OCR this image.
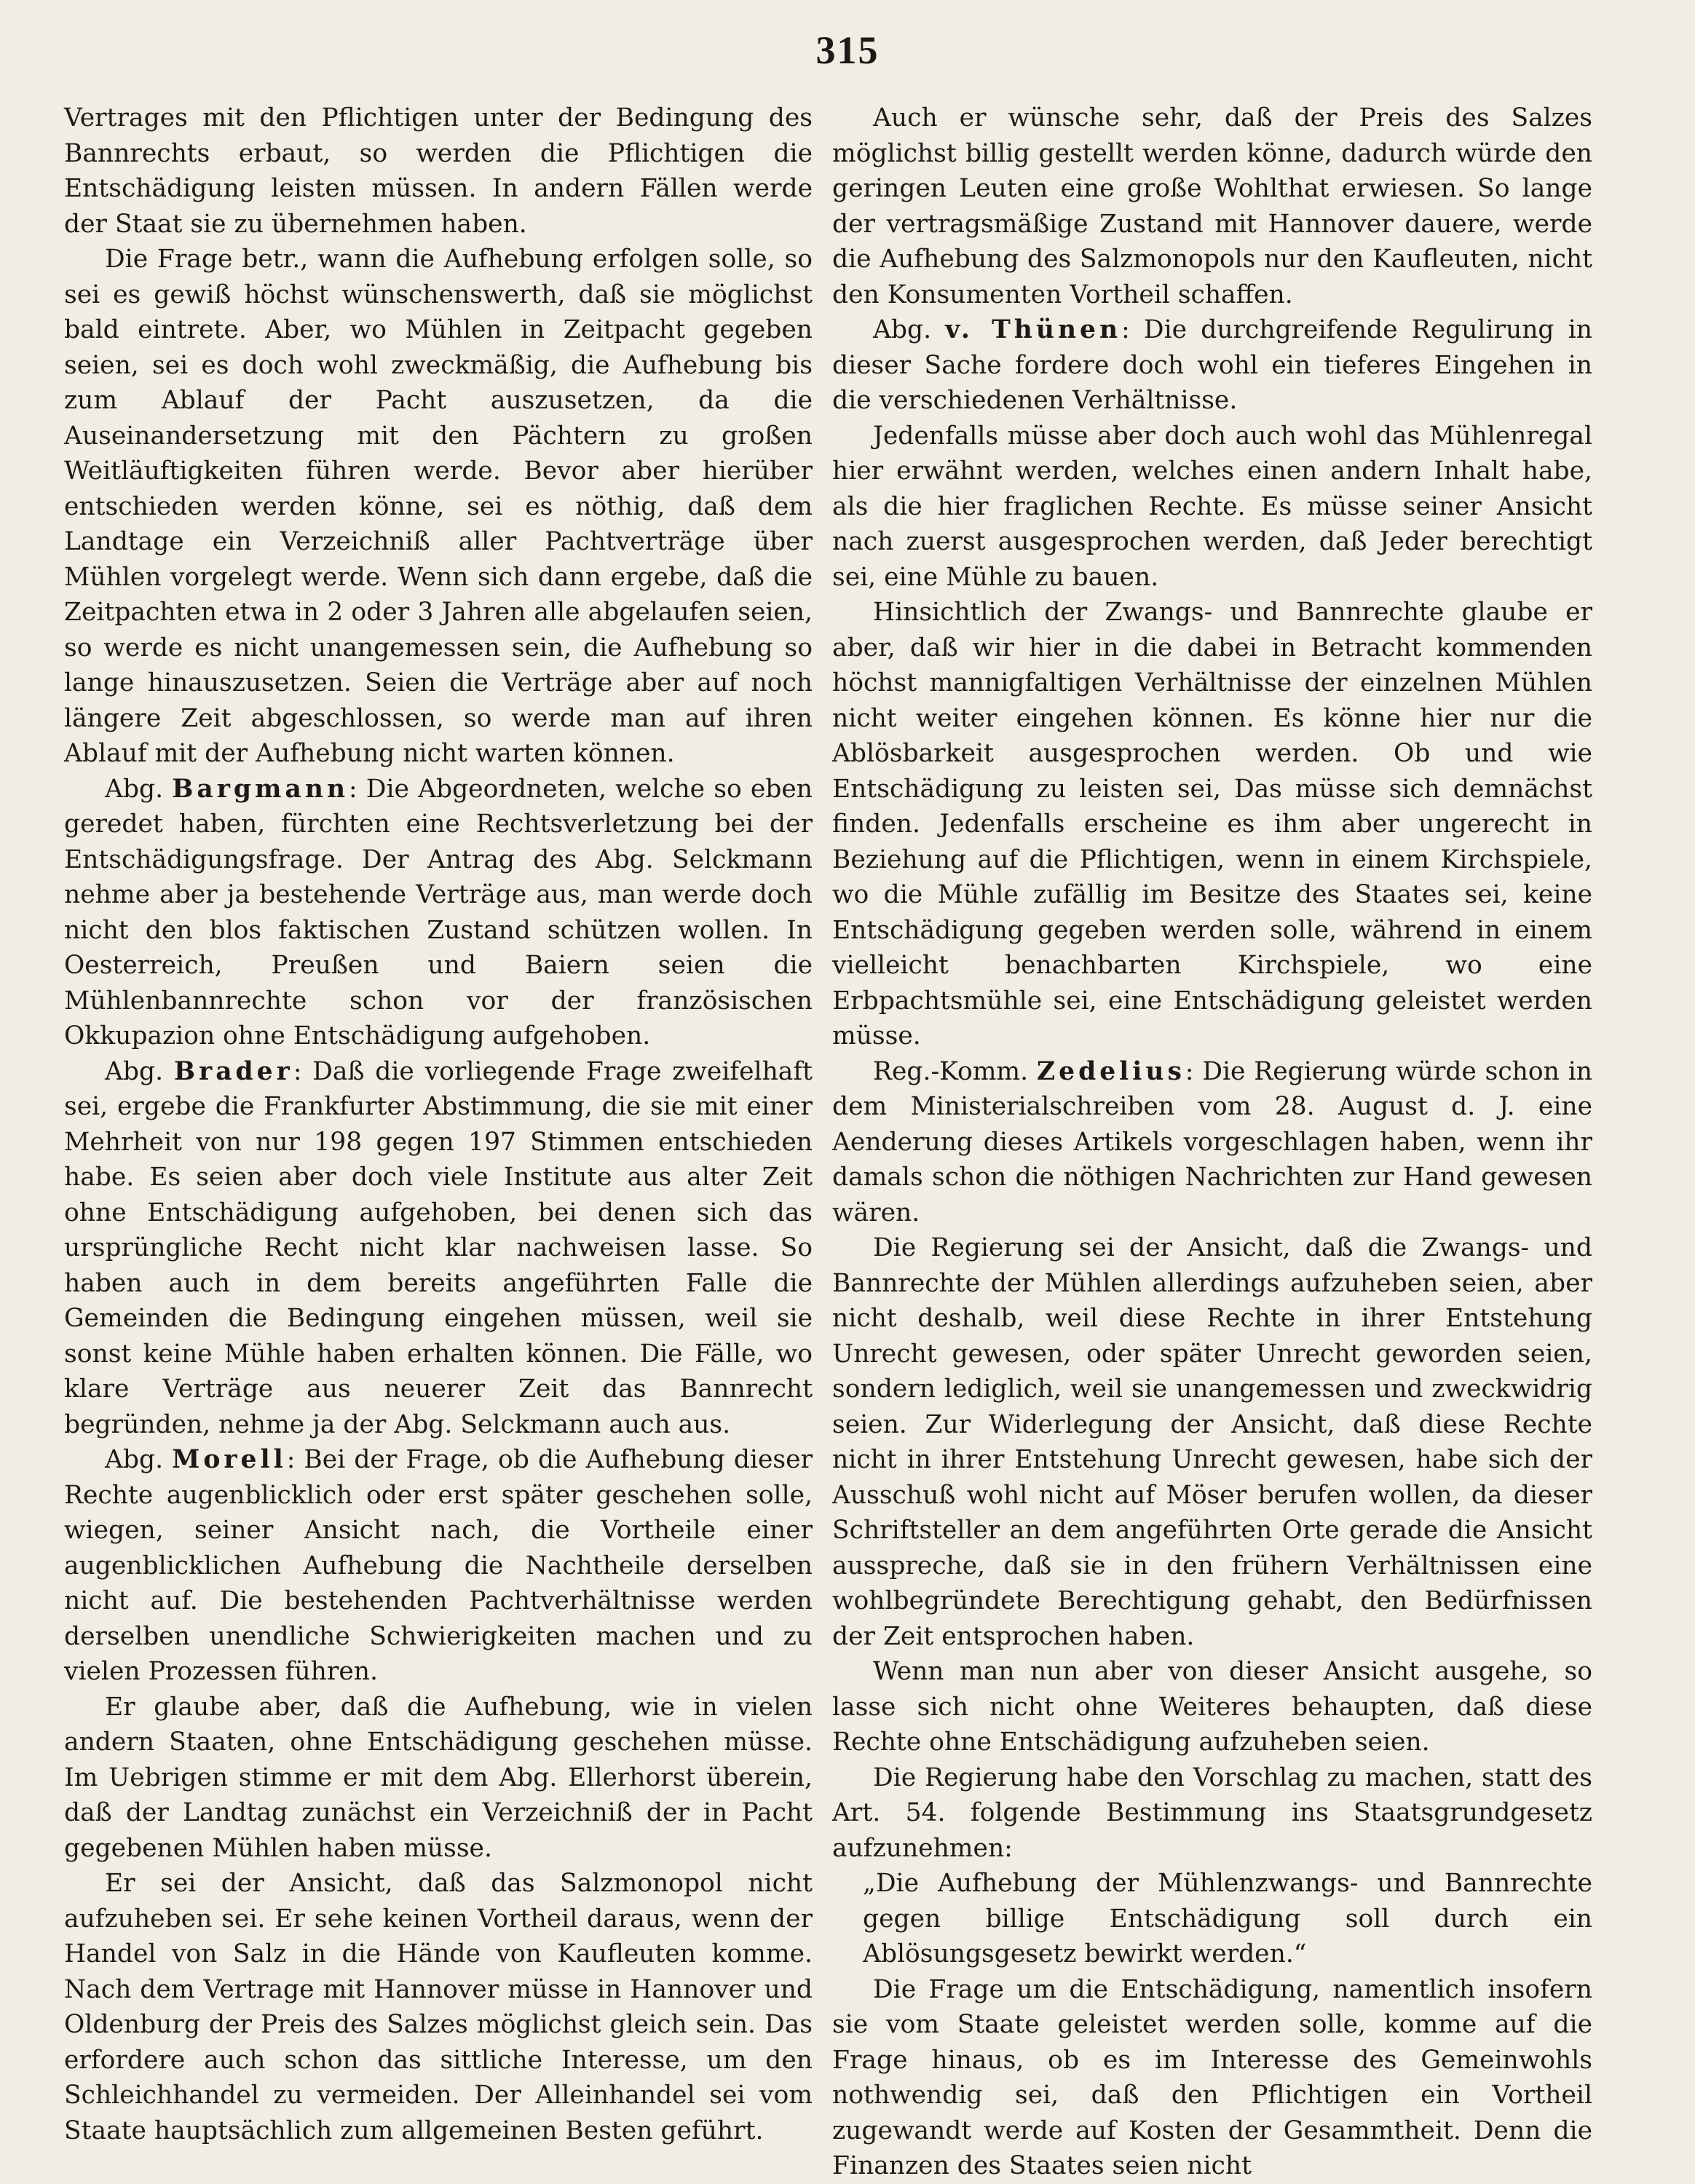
315

Vertrages mit den Pflichtigen unter der Bedingung des Bannrechts erbaut, so werden die Pflichtigen die Entschädigung leisten müssen. In andern Fällen werde der Staat sie zu übernehmen haben.

Die Frage betr., wann die Aufhebung erfolgen solle, so sei es gewiß höchst wünschenswerth, daß sie möglichst bald eintrete. Aber, wo Mühlen in Zeitpacht gegeben seien, sei es doch wohl zweckmäßig, die Aufhebung bis zum Ablauf der Pacht auszusetzen, da die Auseinandersetzung mit den Pächtern zu großen Weitläuftigkeiten führen werde. Bevor aber hierüber entschieden werden könne, sei es nöthig, daß dem Landtage ein Verzeichniß aller Pachtverträge über Mühlen vorgelegt werde. Wenn sich dann ergebe, daß die Zeitpachten etwa in 2 oder 3 Jahren alle abgelaufen seien, so werde es nicht unangemessen sein, die Aufhebung so lange hinauszusetzen. Seien die Verträge aber auf noch längere Zeit abgeschlossen, so werde man auf ihren Ablauf mit der Aufhebung nicht warten können.

Abg. Bargmann: Die Abgeordneten, welche so eben geredet haben, fürchten eine Rechtsverletzung bei der Entschädigungsfrage. Der Antrag des Abg. Selckmann nehme aber ja bestehende Verträge aus, man werde doch nicht den blos faktischen Zustand schützen wollen. In Oesterreich, Preußen und Baiern seien die Mühlenbannrechte schon vor der französischen Okkupazion ohne Entschädigung aufgehoben.

Abg. Brader: Daß die vorliegende Frage zweifelhaft sei, ergebe die Frankfurter Abstimmung, die sie mit einer Mehrheit von nur 198 gegen 197 Stimmen entschieden habe. Es seien aber doch viele Institute aus alter Zeit ohne Entschädigung aufgehoben, bei denen sich das ursprüngliche Recht nicht klar nachweisen lasse. So haben auch in dem bereits angeführten Falle die Gemeinden die Bedingung eingehen müssen, weil sie sonst keine Mühle haben erhalten können. Die Fälle, wo klare Verträge aus neuerer Zeit das Bannrecht begründen, nehme ja der Abg. Selckmann auch aus.

Abg. Morell: Bei der Frage, ob die Aufhebung dieser Rechte augenblicklich oder erst später geschehen solle, wiegen, seiner Ansicht nach, die Vortheile einer augenblicklichen Aufhebung die Nachtheile derselben nicht auf. Die bestehenden Pachtverhältnisse werden derselben unendliche Schwierigkeiten machen und zu vielen Prozessen führen.

Er glaube aber, daß die Aufhebung, wie in vielen andern Staaten, ohne Entschädigung geschehen müsse. Im Uebrigen stimme er mit dem Abg. Ellerhorst überein, daß der Landtag zunächst ein Verzeichniß der in Pacht gegebenen Mühlen haben müsse.

Er sei der Ansicht, daß das Salzmonopol nicht aufzuheben sei. Er sehe keinen Vortheil daraus, wenn der Handel von Salz in die Hände von Kaufleuten komme. Nach dem Vertrage mit Hannover müsse in Hannover und Oldenburg der Preis des Salzes möglichst gleich sein. Das erfordere auch schon das sittliche Interesse, um den Schleichhandel zu vermeiden. Der Alleinhandel sei vom Staate hauptsächlich zum allgemeinen Besten geführt.

Auch er wünsche sehr, daß der Preis des Salzes möglichst billig gestellt werden könne, dadurch würde den geringen Leuten eine große Wohlthat erwiesen. So lange der vertragsmäßige Zustand mit Hannover dauere, werde die Aufhebung des Salzmonopols nur den Kaufleuten, nicht den Konsumenten Vortheil schaffen.

Abg. v. Thünen: Die durchgreifende Regulirung in dieser Sache fordere doch wohl ein tieferes Eingehen in die verschiedenen Verhältnisse.

Jedenfalls müsse aber doch auch wohl das Mühlenregal hier erwähnt werden, welches einen andern Inhalt habe, als die hier fraglichen Rechte. Es müsse seiner Ansicht nach zuerst ausgesprochen werden, daß Jeder berechtigt sei, eine Mühle zu bauen.

Hinsichtlich der Zwangs- und Bannrechte glaube er aber, daß wir hier in die dabei in Betracht kommenden höchst mannigfaltigen Verhältnisse der einzelnen Mühlen nicht weiter eingehen können. Es könne hier nur die Ablösbarkeit ausgesprochen werden. Ob und wie Entschädigung zu leisten sei, Das müsse sich demnächst finden. Jedenfalls erscheine es ihm aber ungerecht in Beziehung auf die Pflichtigen, wenn in einem Kirchspiele, wo die Mühle zufällig im Besitze des Staates sei, keine Entschädigung gegeben werden solle, während in einem vielleicht benachbarten Kirchspiele, wo eine Erbpachtsmühle sei, eine Entschädigung geleistet werden müsse.

Reg.-Komm. Zedelius: Die Regierung würde schon in dem Ministerialschreiben vom 28. August d. J. eine Aenderung dieses Artikels vorgeschlagen haben, wenn ihr damals schon die nöthigen Nachrichten zur Hand gewesen wären.

Die Regierung sei der Ansicht, daß die Zwangs- und Bannrechte der Mühlen allerdings aufzuheben seien, aber nicht deshalb, weil diese Rechte in ihrer Entstehung Unrecht gewesen, oder später Unrecht geworden seien, sondern lediglich, weil sie unangemessen und zweckwidrig seien. Zur Widerlegung der Ansicht, daß diese Rechte nicht in ihrer Entstehung Unrecht gewesen, habe sich der Ausschuß wohl nicht auf Möser berufen wollen, da dieser Schriftsteller an dem angeführten Orte gerade die Ansicht ausspreche, daß sie in den frühern Verhältnissen eine wohlbegründete Berechtigung gehabt, den Bedürfnissen der Zeit entsprochen haben.

Wenn man nun aber von dieser Ansicht ausgehe, so lasse sich nicht ohne Weiteres behaupten, daß diese Rechte ohne Entschädigung aufzuheben seien.

Die Regierung habe den Vorschlag zu machen, statt des Art. 54. folgende Bestimmung ins Staatsgrundgesetz aufzunehmen:

„Die Aufhebung der Mühlenzwangs- und Bannrechte gegen billige Entschädigung soll durch ein Ablösungsgesetz bewirkt werden.“

Die Frage um die Entschädigung, namentlich insofern sie vom Staate geleistet werden solle, komme auf die Frage hinaus, ob es im Interesse des Gemeinwohls nothwendig sei, daß den Pflichtigen ein Vortheil zugewandt werde auf Kosten der Gesammtheit. Denn die Finanzen des Staates seien nicht
